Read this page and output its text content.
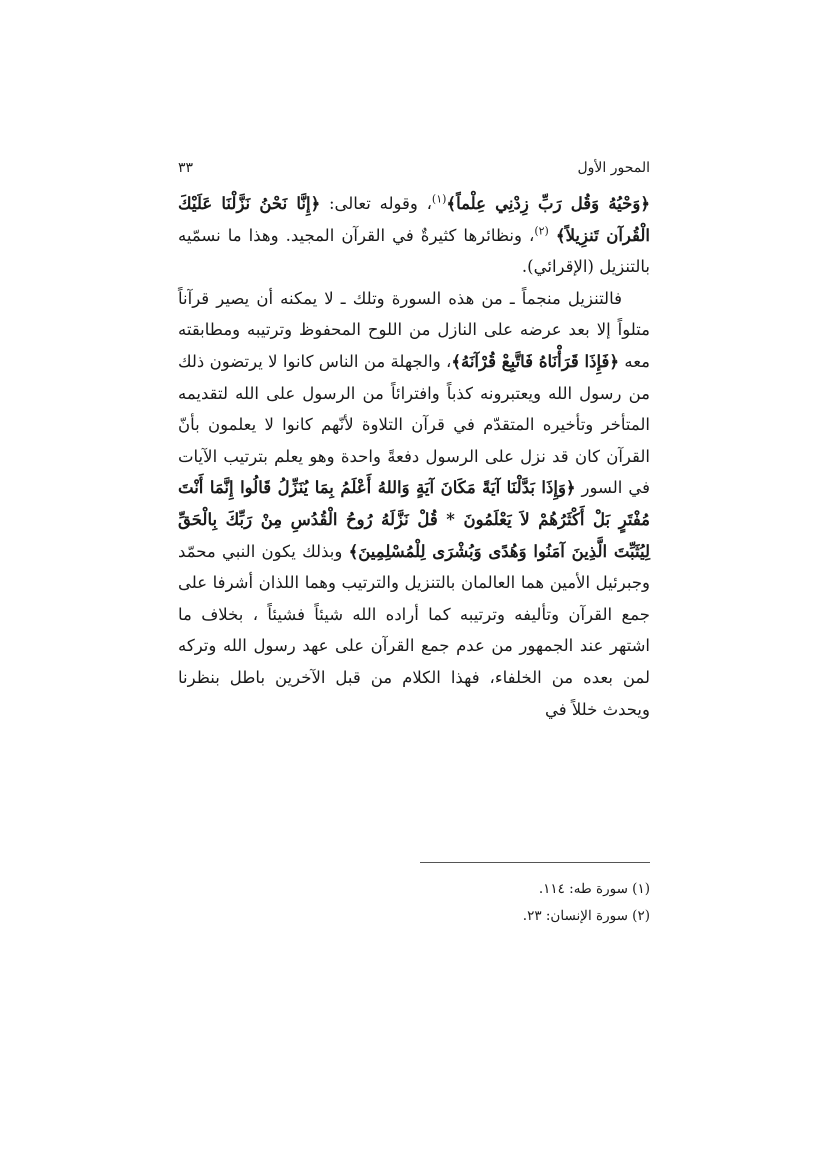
المحور الأول
٣٣

﴿وَحْيُهُ وَقُل رَبِّ زِدْنِي عِلْماً﴾$^{(١)}$، وقوله تعالى: ﴿إِنَّا نَحْنُ نَزَّلْنَا عَلَيْكَ الْقُرآن تَنزِيلاً﴾ $^{(٢)}$، ونظائرها كثيرةٌ في القرآن المجيد. وهذا ما نسمّيه بالتنزيل (الإقرائي).

فالتنزيل منجماً ـ من هذه السورة وتلك ـ لا يمكنه أن يصير قرآناً متلواً إلا بعد عرضه على النازل من اللوح المحفوظ وترتيبه ومطابقته معه ﴿فَإِذَا قَرَأْنَاهُ فَاتَّبِعْ قُرْآنَهُ﴾، والجهلة من الناس كانوا لا يرتضون ذلك من رسول الله ويعتبرونه كذباً وافترائاً من الرسول على الله لتقديمه المتأخر وتأخيره المتقدّم في قرآن التلاوة لأنّهم كانوا لا يعلمون بأنّ القرآن كان قد نزل على الرسول دفعةً واحدة وهو يعلم بترتيب الآيات في السور ﴿وَإِذَا بَدَّلْنَا آيَةً مَكَانَ آيَةٍ وَاللهُ أَعْلَمُ بِمَا يُنَزِّلُ قَالُوا إِنَّمَا أَنْتَ مُفْتَرٍ بَلْ أَكْثَرُهُمْ لاَ يَعْلَمُونَ * قُلْ نَزَّلَهُ رُوحُ الْقُدُسِ مِنْ رَبِّكَ بِالْحَقِّ لِيُثَبِّتَ الَّذِينَ آمَنُوا وَهُدًى وَبُشْرَى لِلْمُسْلِمِينَ﴾ وبذلك يكون النبي محمّد وجبرئيل الأمين هما العالمان بالتنزيل والترتيب وهما اللذان أشرفا على جمع القرآن وتأليفه وترتيبه كما أراده الله شيئاً فشيئاً ، بخلاف ما اشتهر عند الجمهور من عدم جمع القرآن على عهد رسول الله وتركه لمن بعده من الخلفاء، فهذا الكلام من قبل الآخرين باطل بنظرنا ويحدث خللاً في

(١) سورة طه: ١١٤.

(٢) سورة الإنسان: ٢٣.
